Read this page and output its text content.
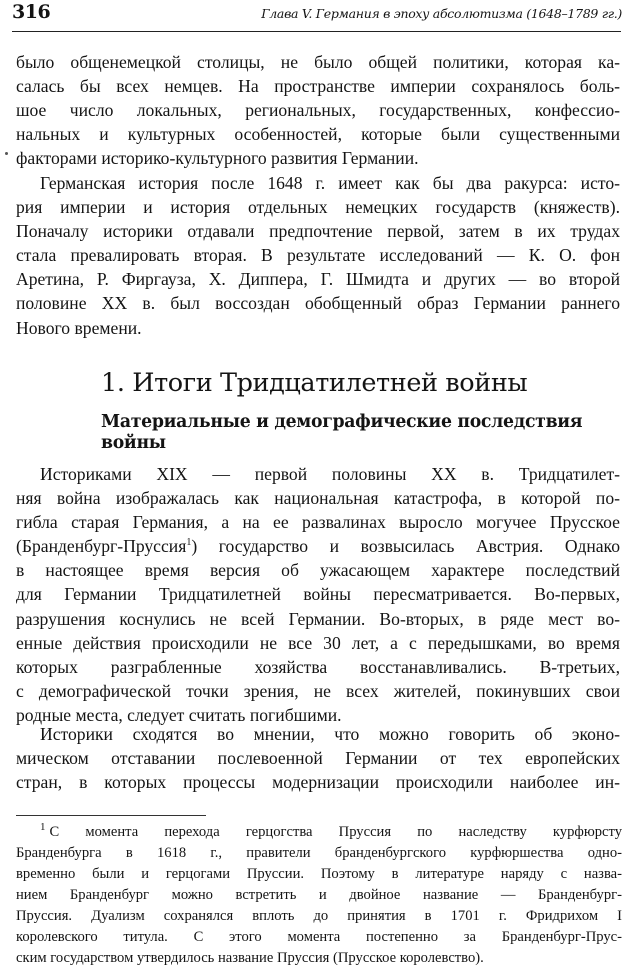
316	Глава V. Германия в эпоху абсолютизма (1648–1789 гг.)
было общенемецкой столицы, не было общей политики, которая ка-
салась бы всех немцев. На пространстве империи сохранялось боль-
шое число локальных, региональных, государственных, конфессио-
нальных и культурных особенностей, которые были существенными
факторами историко-культурного развития Германии.
Германская история после 1648 г. имеет как бы два ракурса: исто-
рия империи и история отдельных немецких государств (княжеств).
Поначалу историки отдавали предпочтение первой, затем в их трудах
стала превалировать вторая. В результате исследований — К. О. фон
Аретина, Р. Фиргауза, Х. Диппера, Г. Шмидта и других — во второй
половине XX в. был воссоздан обобщенный образ Германии раннего
Нового времени.
1. Итоги Тридцатилетней войны
Материальные и демографические последствия войны
Историками XIX — первой половины XX в. Тридцатилет-
няя война изображалась как национальная катастрофа, в которой по-
гибла старая Германия, а на ее развалинах выросло могучее Прусское
(Бранденбург-Пруссия$^1$) государство и возвысилась Австрия. Однако
в настоящее время версия об ужасающем характере последствий
для Германии Тридцатилетней войны пересматривается. Во-первых,
разрушения коснулись не всей Германии. Во-вторых, в ряде мест во-
енные действия происходили не все 30 лет, а с передышками, во время
которых разграбленные хозяйства восстанавливались. В-третьих,
с демографической точки зрения, не всех жителей, покинувших свои
родные места, следует считать погибшими.
Историки сходятся во мнении, что можно говорить об эконо-
мическом отставании послевоенной Германии от тех европейских
стран, в которых процессы модернизации происходили наиболее ин-
$^1$ С момента перехода герцогства Пруссия по наследству курфюрсту
Бранденбурга в 1618 г., правители бранденбургского курфюршества одно-
временно были и герцогами Пруссии. Поэтому в литературе наряду с назва-
нием Бранденбург можно встретить и двойное название — Бранденбург-
Пруссия. Дуализм сохранялся вплоть до принятия в 1701 г. Фридрихом I
королевского титула. С этого момента постепенно за Бранденбург-Прус-
ским государством утвердилось название Пруссия (Прусское королевство).
